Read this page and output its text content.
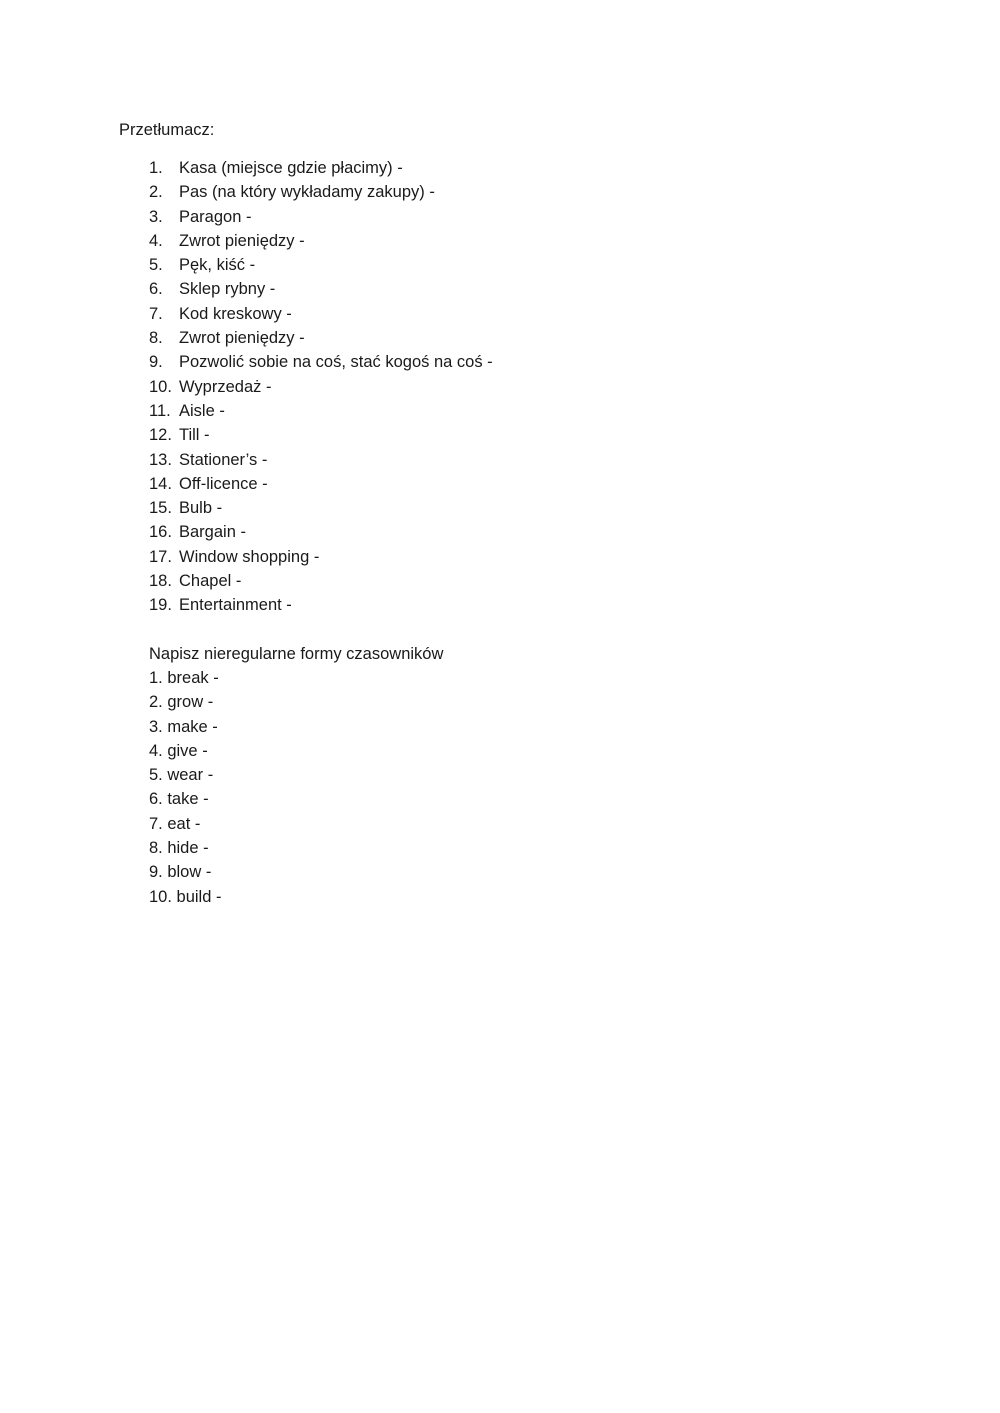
Przetłumacz:
1. Kasa (miejsce gdzie płacimy) -
2. Pas (na który wykładamy zakupy) -
3. Paragon -
4. Zwrot pieniędzy -
5. Pęk, kiść -
6. Sklep rybny -
7. Kod kreskowy -
8. Zwrot pieniędzy -
9. Pozwolić sobie na coś, stać kogoś na coś -
10. Wyprzedaż -
11. Aisle -
12. Till -
13. Stationer’s -
14. Off-licence -
15. Bulb -
16. Bargain -
17. Window shopping -
18. Chapel -
19. Entertainment -
Napisz nieregularne formy czasowników
1. break -
2. grow -
3. make -
4. give -
5. wear -
6. take -
7. eat -
8. hide -
9. blow -
10. build -
